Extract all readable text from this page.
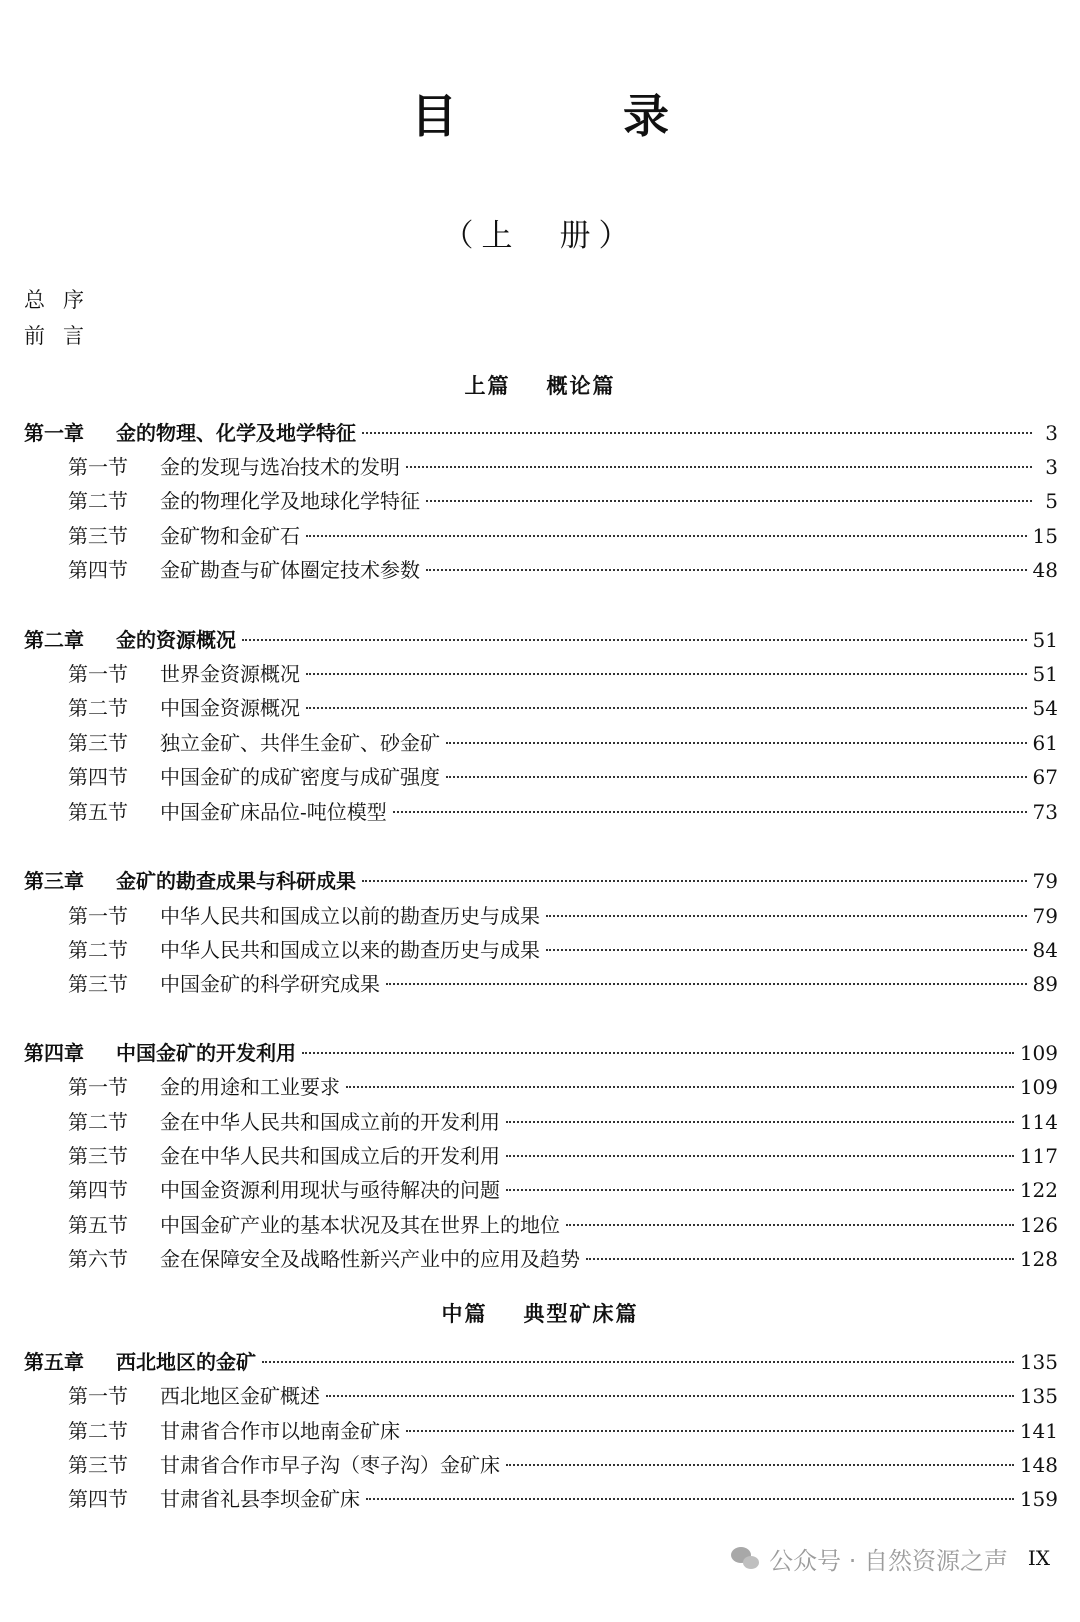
目　录
（上　册）
总序
前言
上篇 概论篇
中篇 典型矿床篇
第一章	金的物理、化学及地学特征	3
第一节	金的发现与选冶技术的发明	3
第二节	金的物理化学及地球化学特征	5
第三节	金矿物和金矿石	15
第四节	金矿勘查与矿体圈定技术参数	48
第二章	金的资源概况	51
第一节	世界金资源概况	51
第二节	中国金资源概况	54
第三节	独立金矿、共伴生金矿、砂金矿	61
第四节	中国金矿的成矿密度与成矿强度	67
第五节	中国金矿床品位-吨位模型	73
第三章	金矿的勘查成果与科研成果	79
第一节	中华人民共和国成立以前的勘查历史与成果	79
第二节	中华人民共和国成立以来的勘查历史与成果	84
第三节	中国金矿的科学研究成果	89
第四章	中国金矿的开发利用	109
第一节	金的用途和工业要求	109
第二节	金在中华人民共和国成立前的开发利用	114
第三节	金在中华人民共和国成立后的开发利用	117
第四节	中国金资源利用现状与亟待解决的问题	122
第五节	中国金矿产业的基本状况及其在世界上的地位	126
第六节	金在保障安全及战略性新兴产业中的应用及趋势	128
第五章	西北地区的金矿	135
第一节	西北地区金矿概述	135
第二节	甘肃省合作市以地南金矿床	141
第三节	甘肃省合作市早子沟（枣子沟）金矿床	148
第四节	甘肃省礼县李坝金矿床	159
公众号 · 自然资源之声 IX
